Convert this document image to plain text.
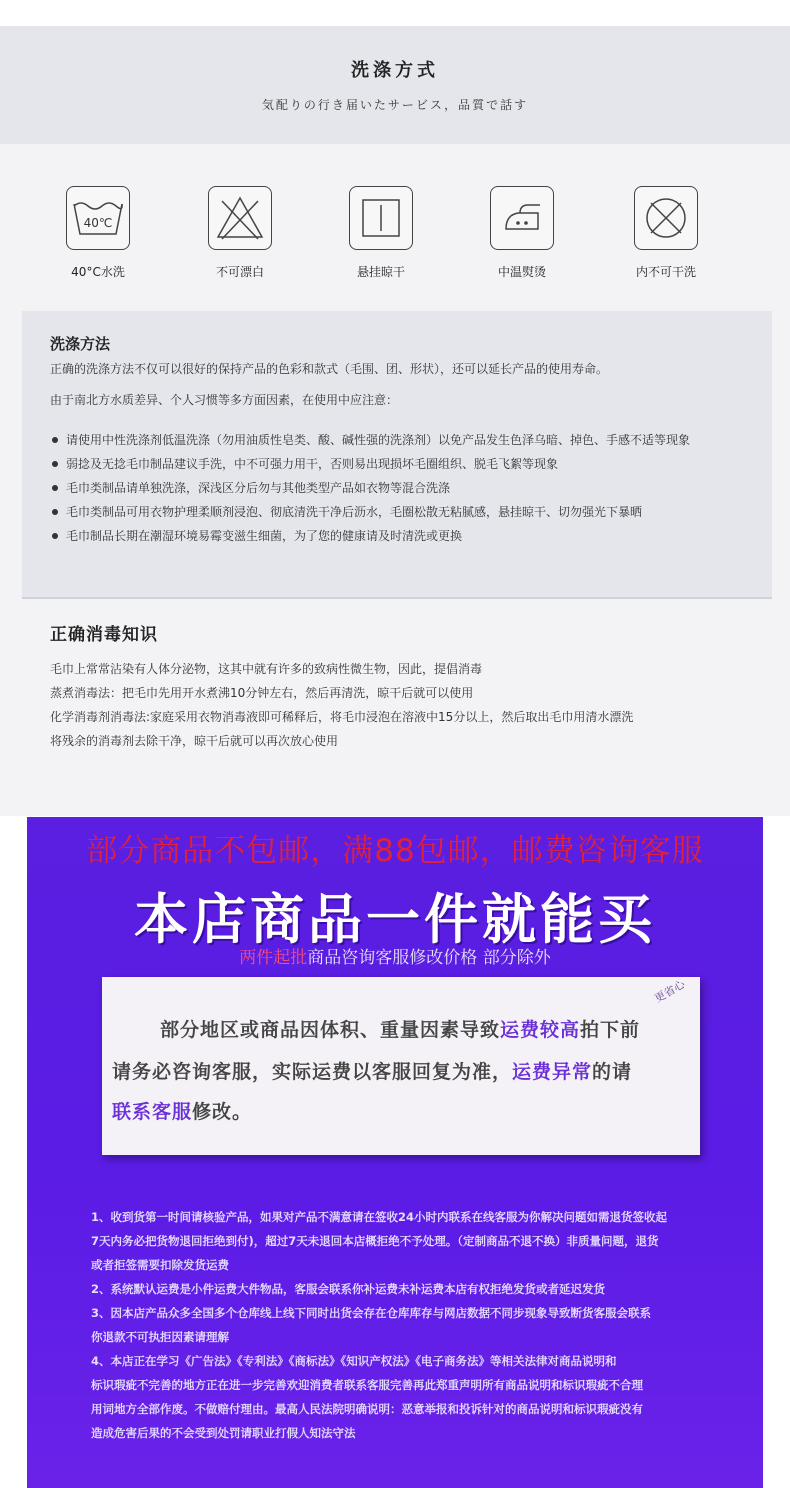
洗涤方式
気配りの行き届いたサービス，品質で話す
40℃
40°C水洗	不可漂白	悬挂晾干	中温熨烫	内不可干洗
洗涤方法

正确的洗涤方法不仅可以很好的保持产品的色彩和款式（毛围、团、形状），还可以延长产品的使用寿命。

由于南北方水质差异、个人习惯等多方面因素，在使用中应注意：

请使用中性洗涤剂低温洗涤（勿用油质性皂类、酸、碱性强的洗涤剂）以免产品发生色泽乌暗、掉色、手感不适等现象
弱捻及无捻毛巾制品建议手洗，中不可强力用干，否则易出现损坏毛圈组织、脱毛飞絮等现象
毛巾类制品请单独洗涤，深浅区分后勿与其他类型产品如衣物等混合洗涤
毛巾类制品可用衣物护理柔顺剂浸泡、彻底清洗干净后沥水，毛圈松散无粘腻感，悬挂晾干、切勿强光下暴晒
毛巾制品长期在潮湿环境易霉变滋生细菌，为了您的健康请及时清洗或更换
正确消毒知识

毛巾上常常沾染有人体分泌物，这其中就有许多的致病性微生物，因此，提倡消毒

蒸煮消毒法：把毛巾先用开水煮沸10分钟左右，然后再清洗，晾干后就可以使用

化学消毒剂消毒法:家庭采用衣物消毒液即可稀释后，将毛巾浸泡在溶液中15分以上，然后取出毛巾用清水漂洗

将残余的消毒剂去除干净，晾干后就可以再次放心使用

部分商品不包邮，满88包邮，邮费咨询客服
本店商品一件就能买
两件起批商品咨询客服修改价格 部分除外
更省心
部分地区或商品因体积、重量因素导致运费较高拍下前
请务必咨询客服，实际运费以客服回复为准，运费异常的请
联系客服修改。
1、收到货第一时间请核验产品，如果对产品不满意请在签收24小时内联系在线客服为你解决问题如需退货签收起
7天内务必把货物退回拒绝到付)，超过7天未退回本店概拒绝不予处理。（定制商品不退不换）非质量问题，退货
或者拒签需要扣除发货运费
2、系统默认运费是小件运费大件物品，客服会联系你补运费未补运费本店有权拒绝发货或者延迟发货
3、因本店产品众多全国多个仓库线上线下同时出货会存在仓库库存与网店数据不同步现象导致断货客服会联系
你退款不可执拒因素请理解
4、本店正在学习《广告法》《专利法》《商标法》《知识产权法》《电子商务法》等相关法律对商品说明和
标识瑕疵不完善的地方正在进一步完善欢迎消费者联系客服完善再此郑重声明所有商品说明和标识瑕疵不合理
用词地方全部作废。不做赔付理由。最高人民法院明确说明：恶意举报和投诉针对的商品说明和标识瑕疵没有
造成危害后果的不会受到处罚请职业打假人知法守法
